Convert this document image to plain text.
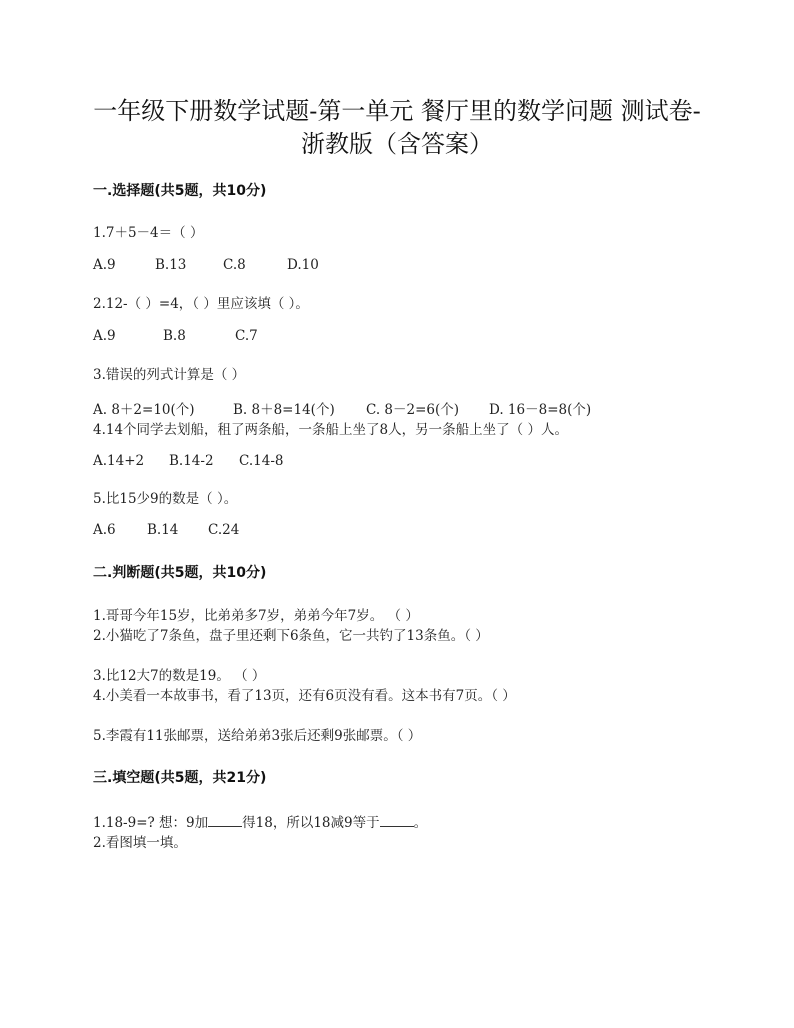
一年级下册数学试题-第一单元 餐厅里的数学问题 测试卷-
浙教版（含答案）
一.选择题(共5题，共10分)
1.7＋5－4＝（ ）
A.9	B.13	C.8	D.10
2.12-（ ）=4，（ ）里应该填（ ）。
A.9	B.8	C.7
3.错误的列式计算是（ ）
A. 8＋2=10(个)	B. 8＋8=14(个) C. 8－2=6(个) D. 16－8=8(个)
4.14个同学去划船，租了两条船，一条船上坐了8人，另一条船上坐了（ ）人。
A.14+2 B.14-2 C.14-8
5.比15少9的数是（ ）。
A.6 B.14 C.24
二.判断题(共5题，共10分)
1.哥哥今年15岁，比弟弟多7岁，弟弟今年7岁。 （ ）
2.小猫吃了7条鱼，盘子里还剩下6条鱼，它一共钓了13条鱼。（ ）
3.比12大7的数是19。 （ ）
4.小美看一本故事书，看了13页，还有6页没有看。这本书有7页。（ ）
5.李霞有11张邮票，送给弟弟3张后还剩9张邮票。（ ）
三.填空题(共5题，共21分)
1.18-9=? 想：9加	得18，所以18减9等于	。
2.看图填一填。
